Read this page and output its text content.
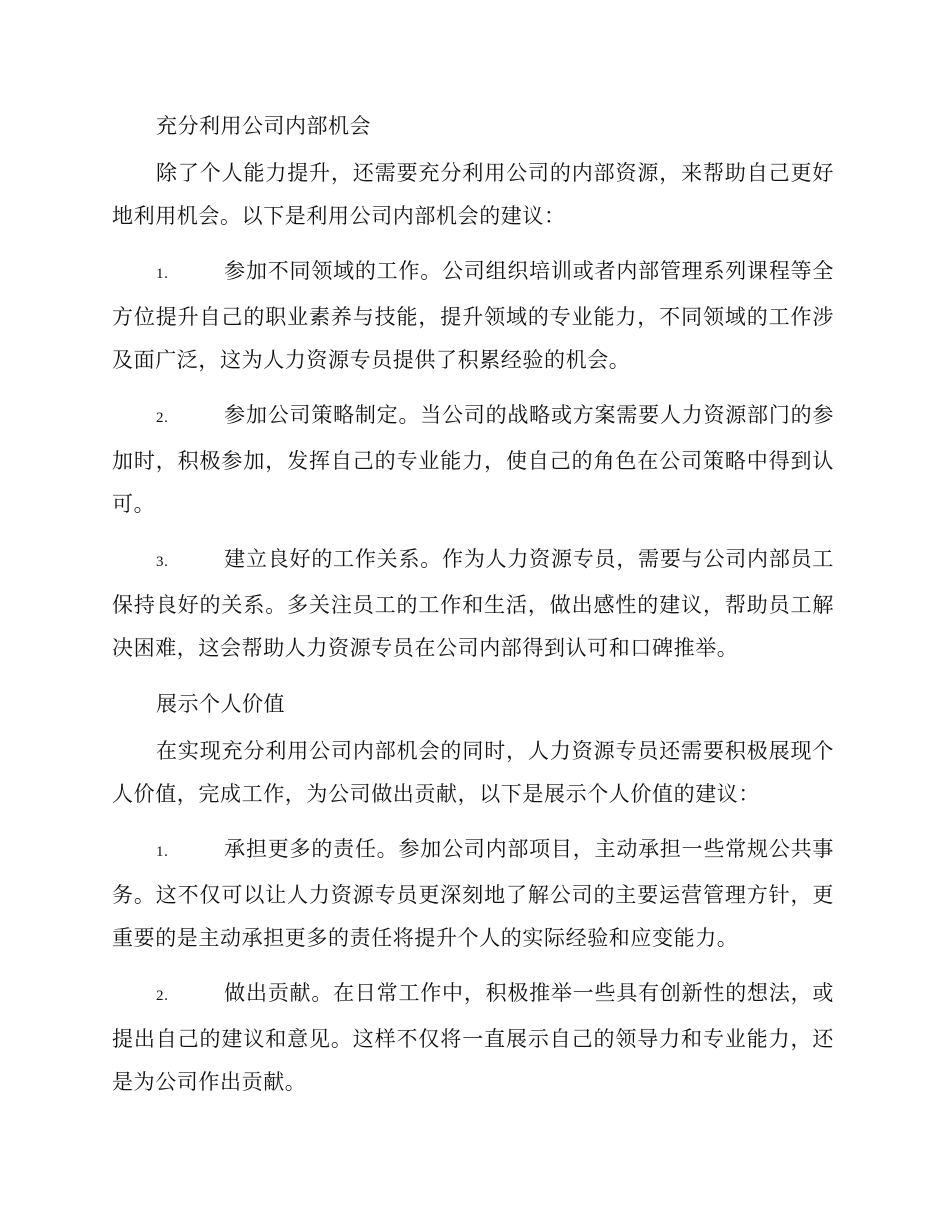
充分利用公司内部机会

除了个人能力提升，还需要充分利用公司的内部资源，来帮助自己更好地利用机会。以下是利用公司内部机会的建议：

1.	参加不同领域的工作。公司组织培训或者内部管理系列课程等全方位提升自己的职业素养与技能，提升领域的专业能力，不同领域的工作涉及面广泛，这为人力资源专员提供了积累经验的机会。

2.	参加公司策略制定。当公司的战略或方案需要人力资源部门的参加时，积极参加，发挥自己的专业能力，使自己的角色在公司策略中得到认可。

3.	建立良好的工作关系。作为人力资源专员，需要与公司内部员工保持良好的关系。多关注员工的工作和生活，做出感性的建议，帮助员工解决困难，这会帮助人力资源专员在公司内部得到认可和口碑推举。

展示个人价值

在实现充分利用公司内部机会的同时，人力资源专员还需要积极展现个人价值，完成工作，为公司做出贡献，以下是展示个人价值的建议：

1.	承担更多的责任。参加公司内部项目，主动承担一些常规公共事务。这不仅可以让人力资源专员更深刻地了解公司的主要运营管理方针，更重要的是主动承担更多的责任将提升个人的实际经验和应变能力。

2.	做出贡献。在日常工作中，积极推举一些具有创新性的想法，或提出自己的建议和意见。这样不仅将一直展示自己的领导力和专业能力，还是为公司作出贡献。
